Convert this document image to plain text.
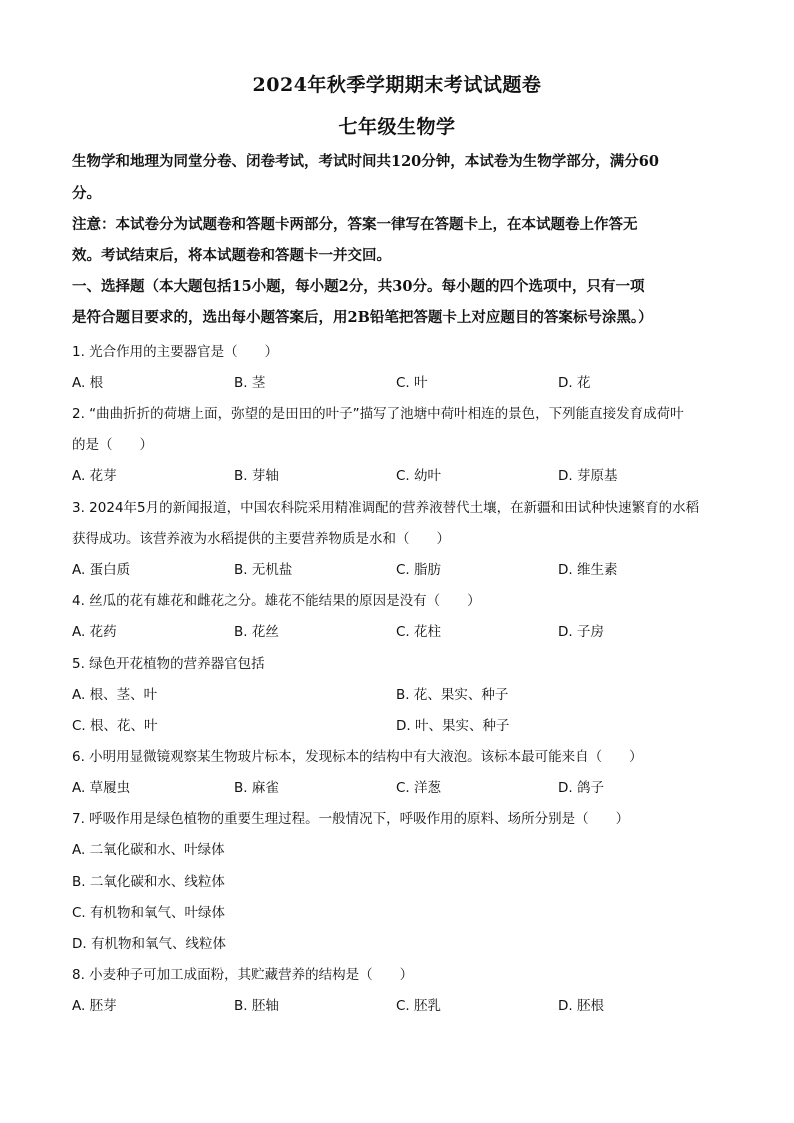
2024年秋季学期期末考试试题卷
七年级生物学
生物学和地理为同堂分卷、闭卷考试，考试时间共120分钟，本试卷为生物学部分，满分60
分。
注意：本试卷分为试题卷和答题卡两部分，答案一律写在答题卡上，在本试题卷上作答无
效。考试结束后，将本试题卷和答题卡一并交回。
一、选择题（本大题包括15小题，每小题2分，共30分。每小题的四个选项中，只有一项
是符合题目要求的，选出每小题答案后，用2B铅笔把答题卡上对应题目的答案标号涂黑。）
1. 光合作用的主要器官是（　　）
A. 根	B. 茎	C. 叶	D. 花
2. “曲曲折折的荷塘上面，弥望的是田田的叶子”描写了池塘中荷叶相连的景色，下列能直接发育成荷叶
的是（　　）
A. 花芽	B. 芽轴	C. 幼叶	D. 芽原基
3. 2024年5月的新闻报道，中国农科院采用精准调配的营养液替代土壤，在新疆和田试种快速繁育的水稻
获得成功。该营养液为水稻提供的主要营养物质是水和（　　）
A. 蛋白质	B. 无机盐	C. 脂肪	D. 维生素
4. 丝瓜的花有雄花和雌花之分。雄花不能结果的原因是没有（　　）
A. 花药	B. 花丝	C. 花柱	D. 子房
5. 绿色开花植物的营养器官包括
A. 根、茎、叶	B. 花、果实、种子
C. 根、花、叶	D. 叶、果实、种子
6. 小明用显微镜观察某生物玻片标本，发现标本的结构中有大液泡。该标本最可能来自（　　）
A. 草履虫	B. 麻雀	C. 洋葱	D. 鸽子
7. 呼吸作用是绿色植物的重要生理过程。一般情况下，呼吸作用的原料、场所分别是（　　）
A. 二氧化碳和水、叶绿体
B. 二氧化碳和水、线粒体
C. 有机物和氧气、叶绿体
D. 有机物和氧气、线粒体
8. 小麦种子可加工成面粉，其贮藏营养的结构是（　　）
A. 胚芽	B. 胚轴	C. 胚乳	D. 胚根
